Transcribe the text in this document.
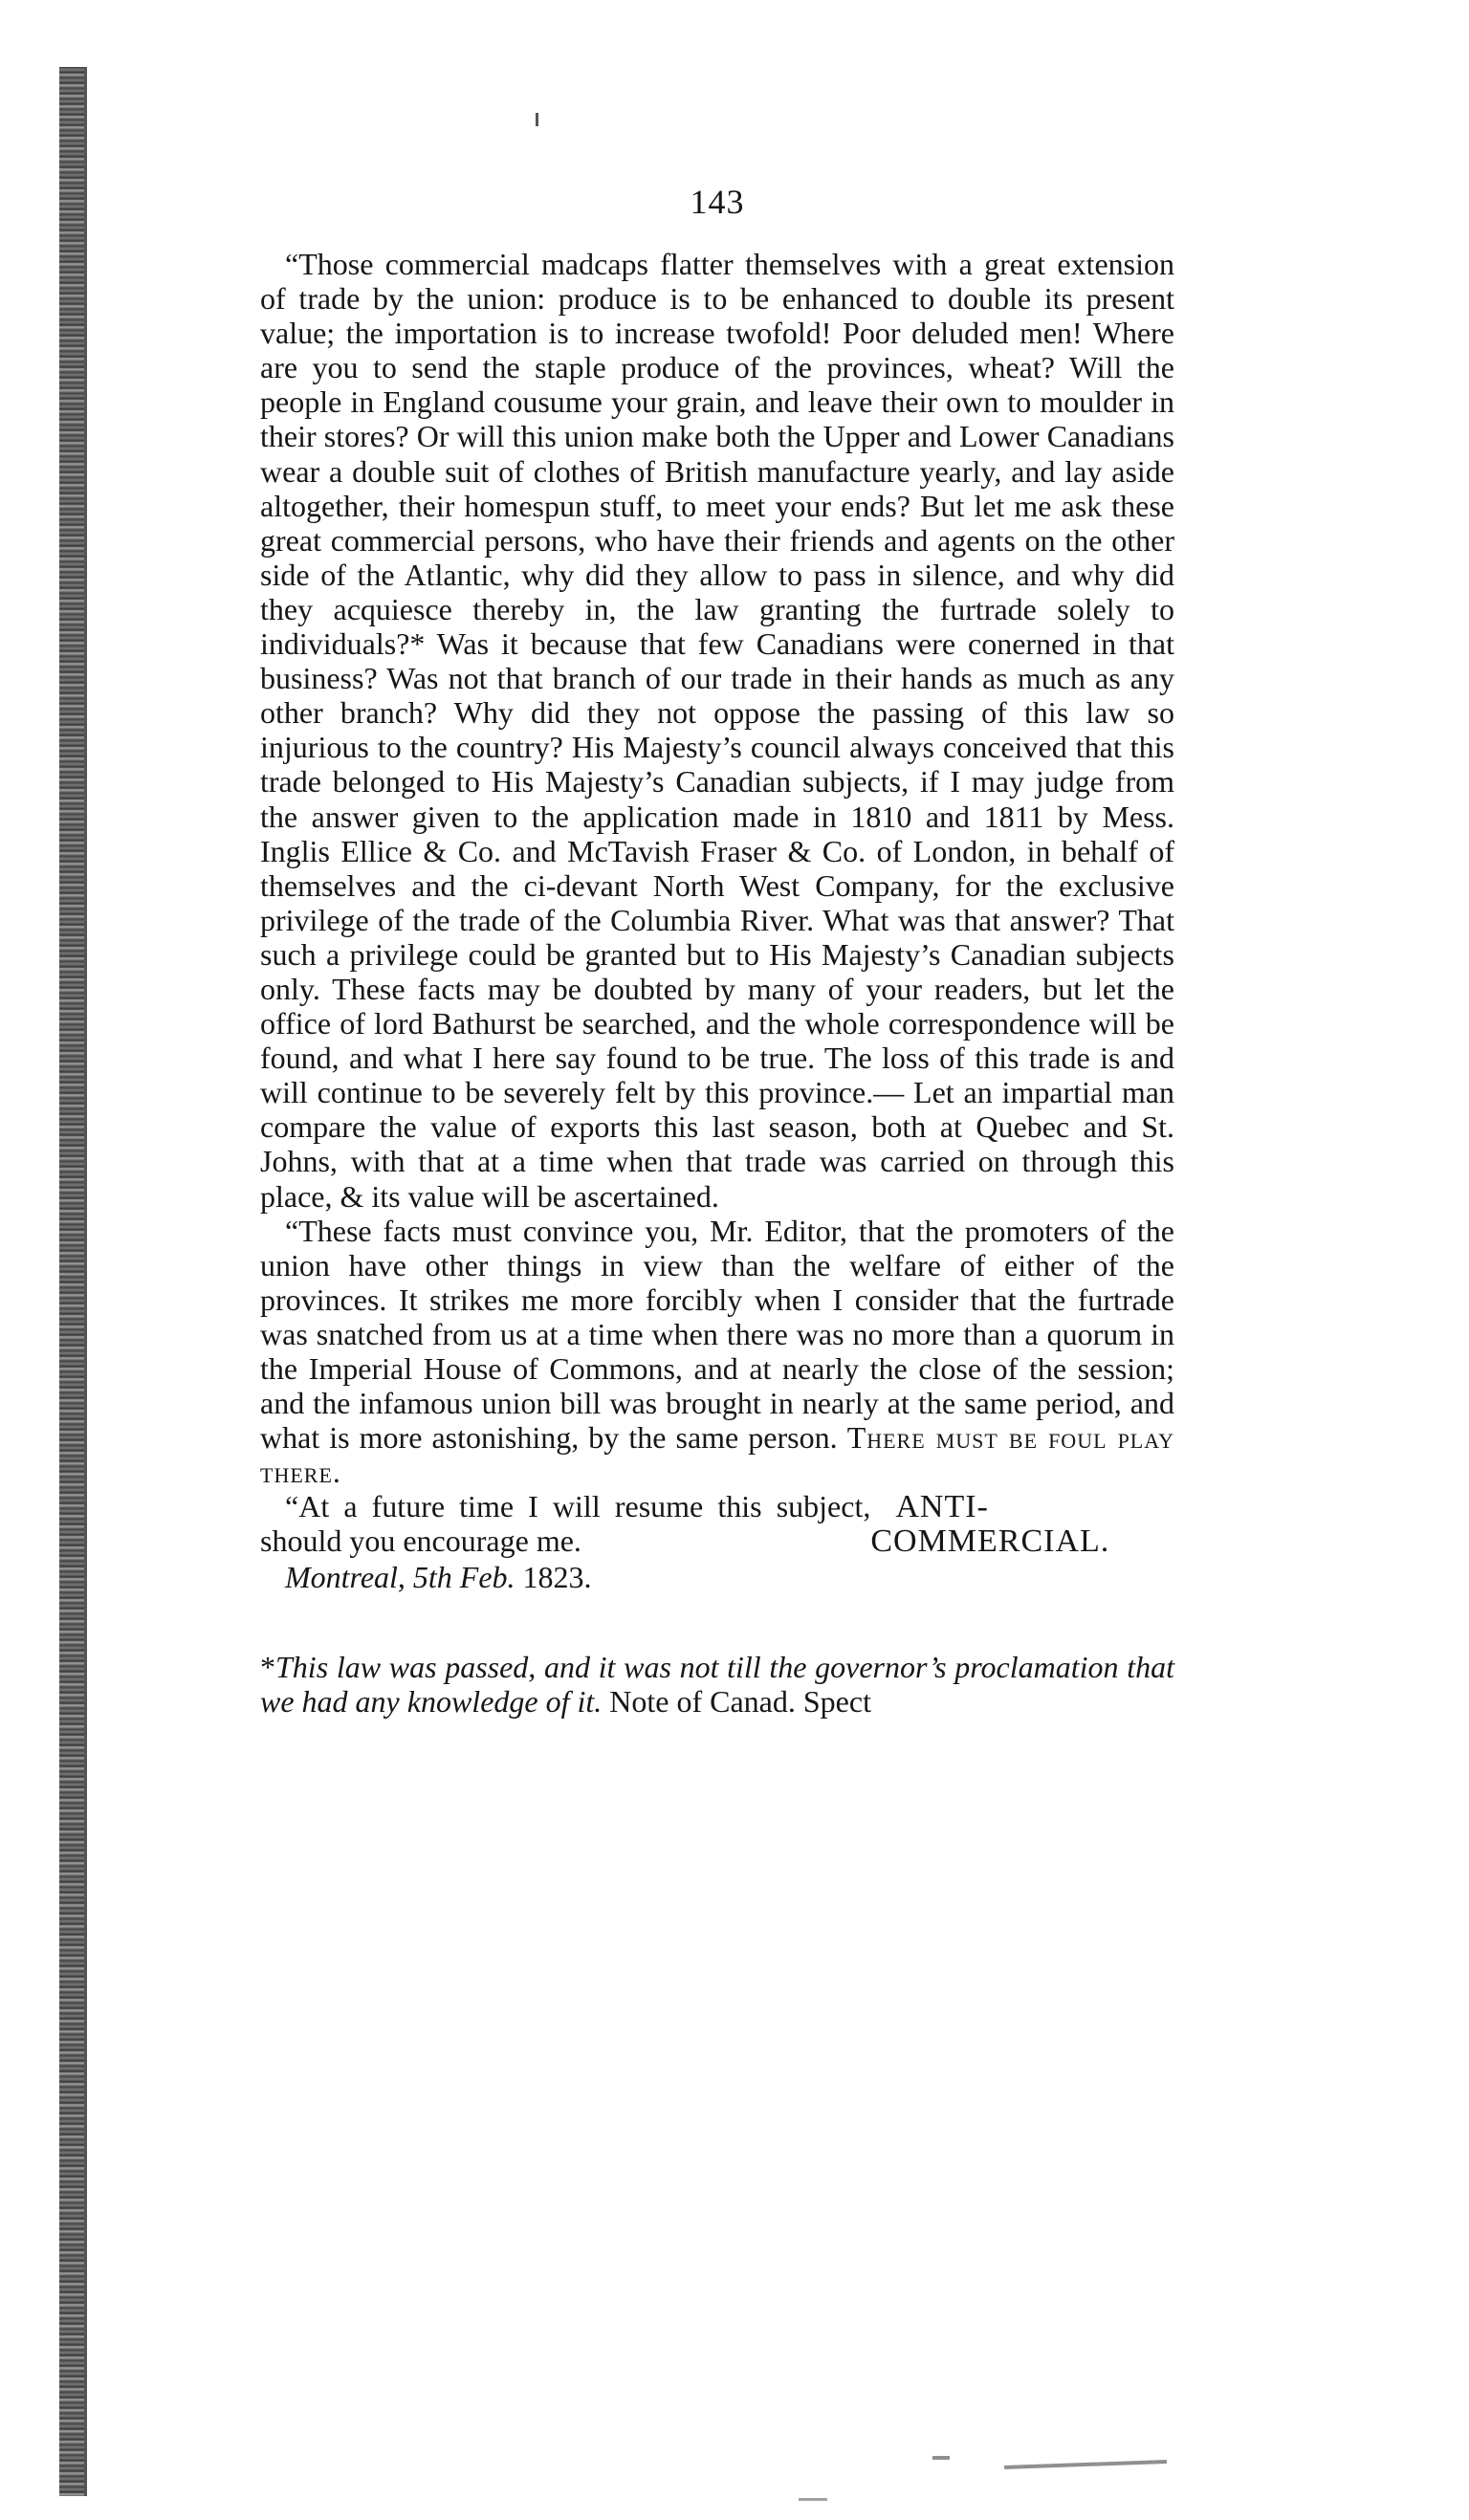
143

“Those commercial madcaps flatter themselves with a great extension of trade by the union: produce is to be enhanced to double its present value; the importation is to increase twofold! Poor deluded men! Where are you to send the staple produce of the provinces, wheat? Will the people in England cousume your grain, and leave their own to moulder in their stores? Or will this union make both the Upper and Lower Canadians wear a double suit of clothes of British manufacture yearly, and lay aside altogether, their homespun stuff, to meet your ends? But let me ask these great commercial persons, who have their friends and agents on the other side of the Atlantic, why did they allow to pass in silence, and why did they acquiesce thereby in, the law granting the furtrade solely to individuals?* Was it because that few Canadians were conerned in that business? Was not that branch of our trade in their hands as much as any other branch? Why did they not oppose the passing of this law so injurious to the country? His Majesty’s council always conceived that this trade belonged to His Majesty’s Canadian subjects, if I may judge from the answer given to the application made in 1810 and 1811 by Mess. Inglis Ellice & Co. and McTavish Fraser & Co. of London, in behalf of themselves and the ci-devant North West Company, for the exclusive privilege of the trade of the Columbia River. What was that answer? That such a privilege could be granted but to His Majesty’s Canadian subjects only. These facts may be doubted by many of your readers, but let the office of lord Bathurst be searched, and the whole correspondence will be found, and what I here say found to be true. The loss of this trade is and will continue to be severely felt by this province.— Let an impartial man compare the value of exports this last season, both at Quebec and St. Johns, with that at a time when that trade was carried on through this place, & its value will be ascertained.

“These facts must convince you, Mr. Editor, that the promoters of the union have other things in view than the welfare of either of the provinces. It strikes me more forcibly when I consider that the furtrade was snatched from us at a time when there was no more than a quorum in the Imperial House of Commons, and at nearly the close of the session; and the infamous union bill was brought in nearly at the same period, and what is more astonishing, by the same person. There must be foul play there.

“At a future time I will resume this subject, should you encourage me.
ANTI-COMMERCIAL.
Montreal, 5th Feb. 1823.
*This law was passed, and it was not till the governor’s proclamation that we had any knowledge of it. Note of Canad. Spect
